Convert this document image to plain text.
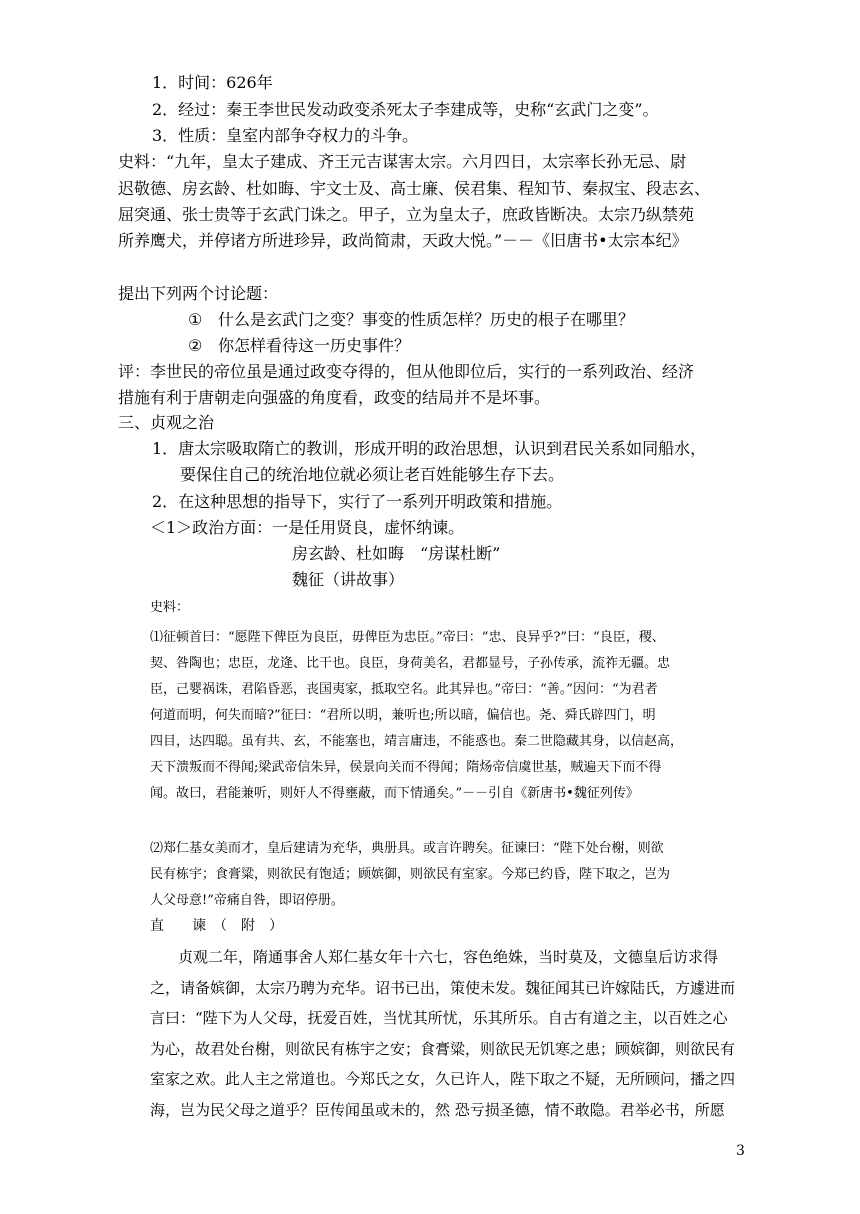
1．时间：626年
2．经过：秦王李世民发动政变杀死太子李建成等，史称“玄武门之变”。
3．性质：皇室内部争夺权力的斗争。
史料：“九年，皇太子建成、齐王元吉谋害太宗。六月四日，太宗率长孙无忌、尉
迟敬德、房玄龄、杜如晦、宇文士及、高士廉、侯君集、程知节、秦叔宝、段志玄、
屈突通、张士贵等于玄武门诛之。甲子，立为皇太子，庶政皆断决。太宗乃纵禁苑
所养鹰犬，并停诸方所进珍异，政尚简肃，天政大悦。”－－《旧唐书•太宗本纪》
提出下列两个讨论题：
① 什么是玄武门之变？事变的性质怎样？历史的根子在哪里？
② 你怎样看待这一历史事件？
评：李世民的帝位虽是通过政变夺得的，但从他即位后，实行的一系列政治、经济
措施有利于唐朝走向强盛的角度看，政变的结局并不是坏事。
三、贞观之治
1．唐太宗吸取隋亡的教训，形成开明的政治思想，认识到君民关系如同船水，
要保住自己的统治地位就必须让老百姓能够生存下去。
2．在这种思想的指导下，实行了一系列开明政策和措施。
＜1＞政治方面：一是任用贤良，虚怀纳谏。
房玄龄、杜如晦　“房谋杜断”
魏征（讲故事）
史料：
⑴征顿首曰：“愿陛下俾臣为良臣，毋俾臣为忠臣。”帝曰：“忠、良异乎?”曰：“良臣，稷、
契、咎陶也；忠臣，龙逄、比干也。良臣，身荷美名，君都显号，子孙传承，流祚无疆。忠
臣，己婴祸诛，君陷昏恶，丧国夷家，抵取空名。此其异也。”帝曰：“善。”因问：“为君者
何道而明，何失而暗?”征曰：“君所以明，兼听也;所以暗，偏信也。尧、舜氏辟四门，明
四目，达四聪。虽有共、玄，不能塞也，靖言庸违，不能惑也。秦二世隐藏其身，以信赵高，
天下溃叛而不得闻;梁武帝信朱异，侯景向关而不得闻；隋炀帝信虞世基，贼遍天下而不得
闻。故曰，君能兼听，则奸人不得壅蔽，而下情通矣。”－－引自《新唐书•魏征列传》
⑵郑仁基女美而才，皇后建请为充华，典册具。或言许聘矣。征谏曰：“陛下处台榭，则欲
民有栋宇；食膏粱，则欲民有饱适；顾嫔御，则欲民有室家。今郑已约昏，陛下取之，岂为
人父母意!”帝痛自咎，即诏停册。
直　　谏　（　附　）
贞观二年，隋通事舍人郑仁基女年十六七，容色绝姝，当时莫及，文德皇后访求得
之，请备嫔御，太宗乃聘为充华。诏书已出，策使未发。魏征闻其已许嫁陆氏，方遽进而
言曰：“陛下为人父母，抚爱百姓，当忧其所忧，乐其所乐。自古有道之主，以百姓之心
为心，故君处台榭，则欲民有栋宇之安；食膏粱，则欲民无饥寒之患；顾嫔御，则欲民有
室家之欢。此人主之常道也。今郑氏之女，久已许人，陛下取之不疑，无所顾问，播之四
海，岂为民父母之道乎？臣传闻虽或未的，然 恐亏损圣德，情不敢隐。君举必书，所愿
3
